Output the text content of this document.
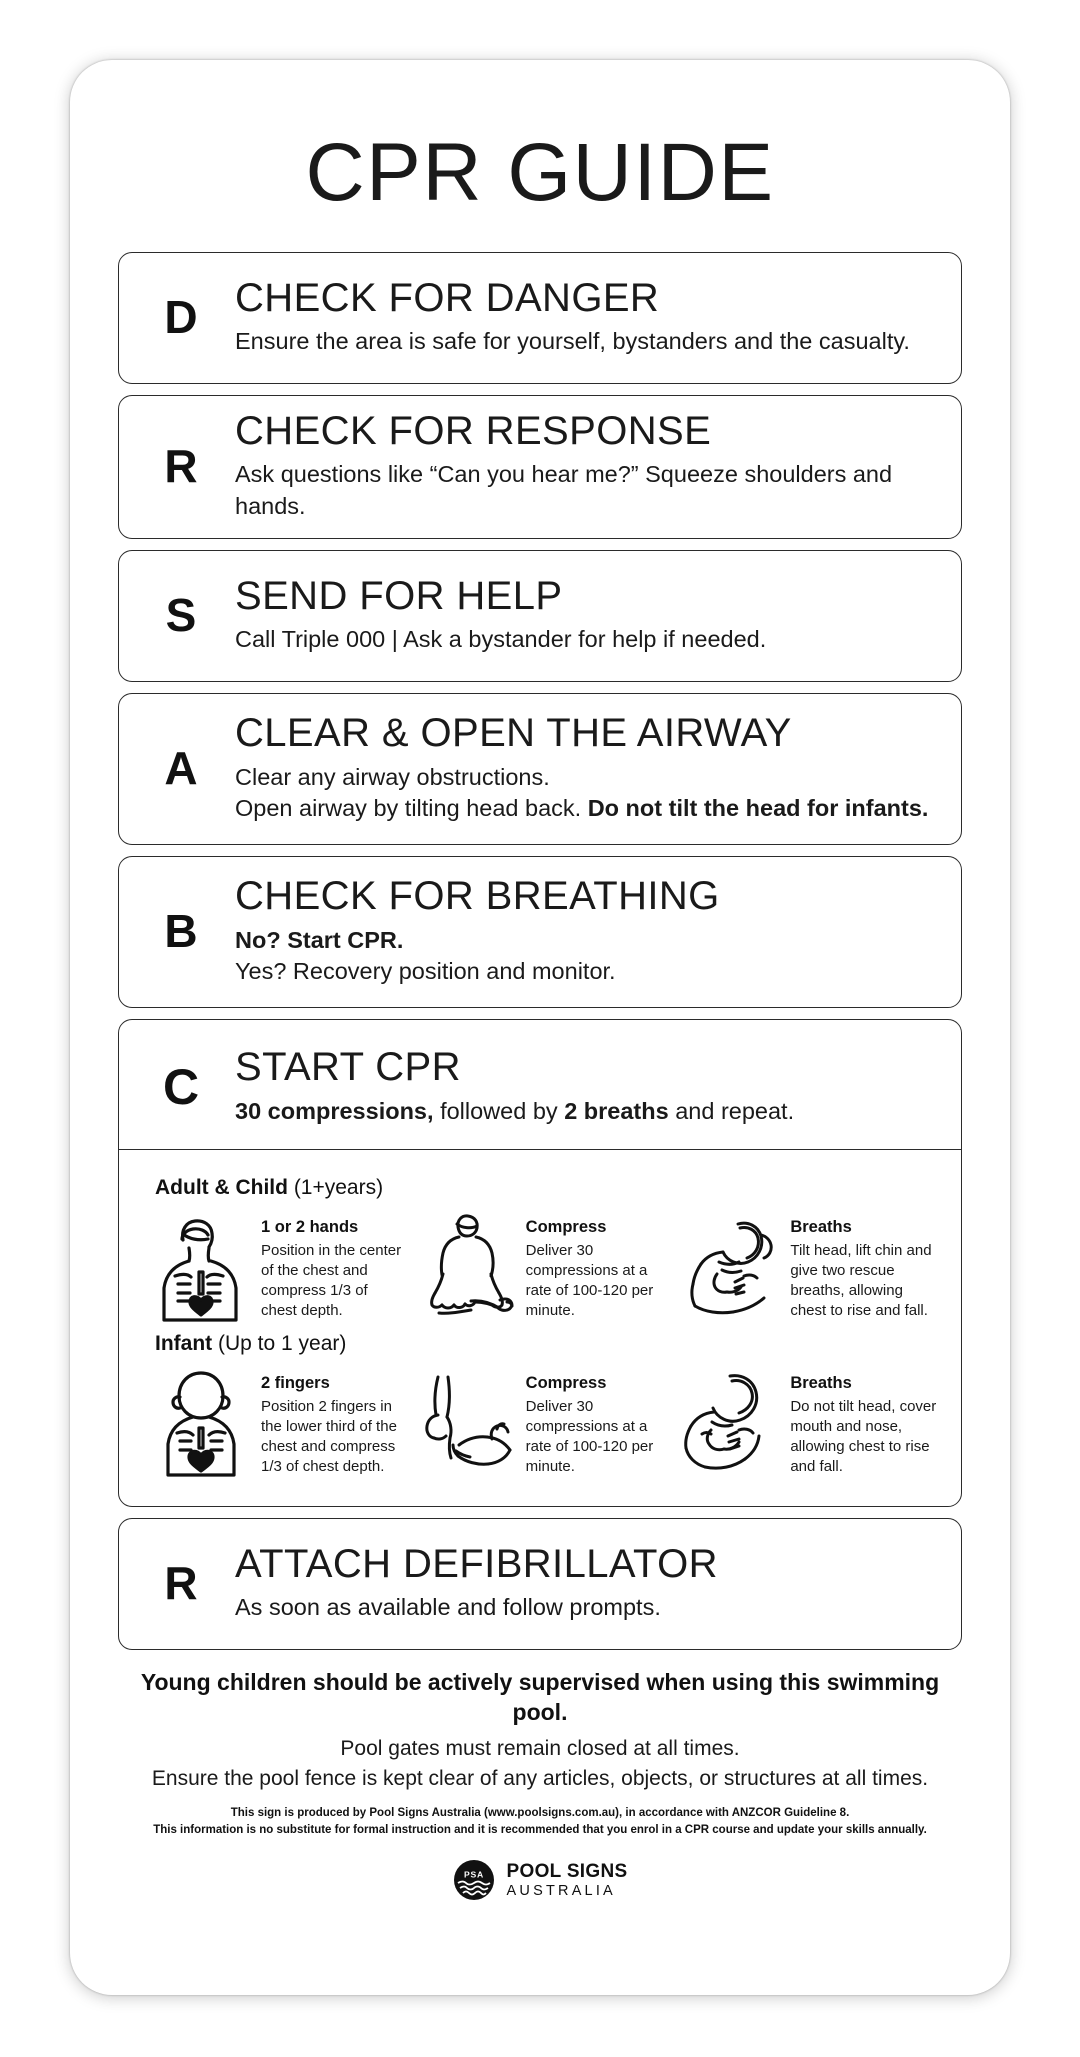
CPR GUIDE
D CHECK FOR DANGER
Ensure the area is safe for yourself, bystanders and the casualty.
R
CHECK FOR RESPONSE
Ask questions like “Can you hear me?” Squeeze shoulders and hands.
S SEND FOR HELP
Call Triple 000 | Ask a bystander for help if needed.
A
CLEAR & OPEN THE AIRWAY
Clear any airway obstructions.
Open airway by tilting head back. Do not tilt the head for infants.
B
CHECK FOR BREATHING
No? Start CPR.
Yes? Recovery position and monitor.
C START CPR
30 compressions, followed by 2 breaths and repeat.
Adult & Child (1+years)
1 or 2 hands
Position in the center of the chest and compress 1/3 of chest depth.
Compress
Deliver 30 compressions at a rate of 100-120 per minute.
Breaths
Tilt head, lift chin and give two rescue breaths, allowing chest to rise and fall.
Infant (Up to 1 year)
2 fingers
Position 2 fingers in the lower third of the chest and compress 1/3 of chest depth.
Compress
Deliver 30 compressions at a rate of 100-120 per minute.
Breaths
Do not tilt head, cover mouth and nose, allowing chest to rise and fall.
R ATTACH DEFIBRILLATOR
As soon as available and follow prompts.
Young children should be actively supervised when using this swimming pool.
Pool gates must remain closed at all times.
Ensure the pool fence is kept clear of any articles, objects, or structures at all times.
This sign is produced by Pool Signs Australia (www.poolsigns.com.au), in accordance with ANZCOR Guideline 8.
This information is no substitute for formal instruction and it is recommended that you enrol in a CPR course and update your skills annually.
PSA POOL SIGNS
AUSTRALIA
